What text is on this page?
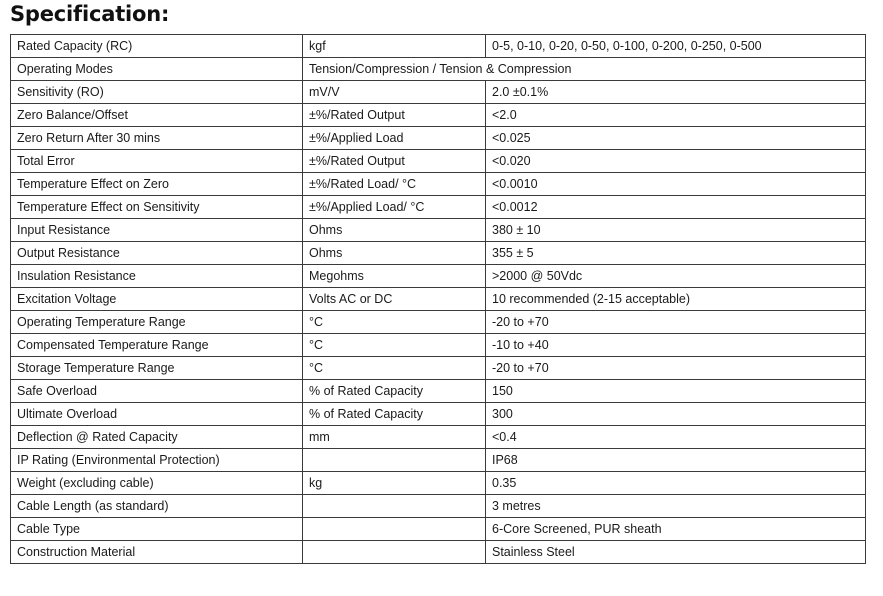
Specification:
Rated Capacity (RC)	kgf	0-5, 0-10, 0-20, 0-50, 0-100, 0-200, 0-250, 0-500
Operating Modes	Tension/Compression / Tension & Compression	
Sensitivity (RO)	mV/V	2.0 ±0.1%
Zero Balance/Offset	±%/Rated Output	<2.0
Zero Return After 30 mins	±%/Applied Load	<0.025
Total Error	±%/Rated Output	<0.020
Temperature Effect on Zero	±%/Rated Load/ °C	<0.0010
Temperature Effect on Sensitivity	±%/Applied Load/ °C	<0.0012
Input Resistance	Ohms	380 ± 10
Output Resistance	Ohms	355 ± 5
Insulation Resistance	Megohms	>2000 @ 50Vdc
Excitation Voltage	Volts AC or DC	10 recommended (2-15 acceptable)
Operating Temperature Range	°C	-20 to +70
Compensated Temperature Range	°C	-10 to +40
Storage Temperature Range	°C	-20 to +70
Safe Overload	% of Rated Capacity	150
Ultimate Overload	% of Rated Capacity	300
Deflection @ Rated Capacity	mm	<0.4
IP Rating (Environmental Protection)		IP68
Weight (excluding cable)	kg	0.35
Cable Length (as standard)		3 metres
Cable Type		6-Core Screened, PUR sheath
Construction Material		Stainless Steel
